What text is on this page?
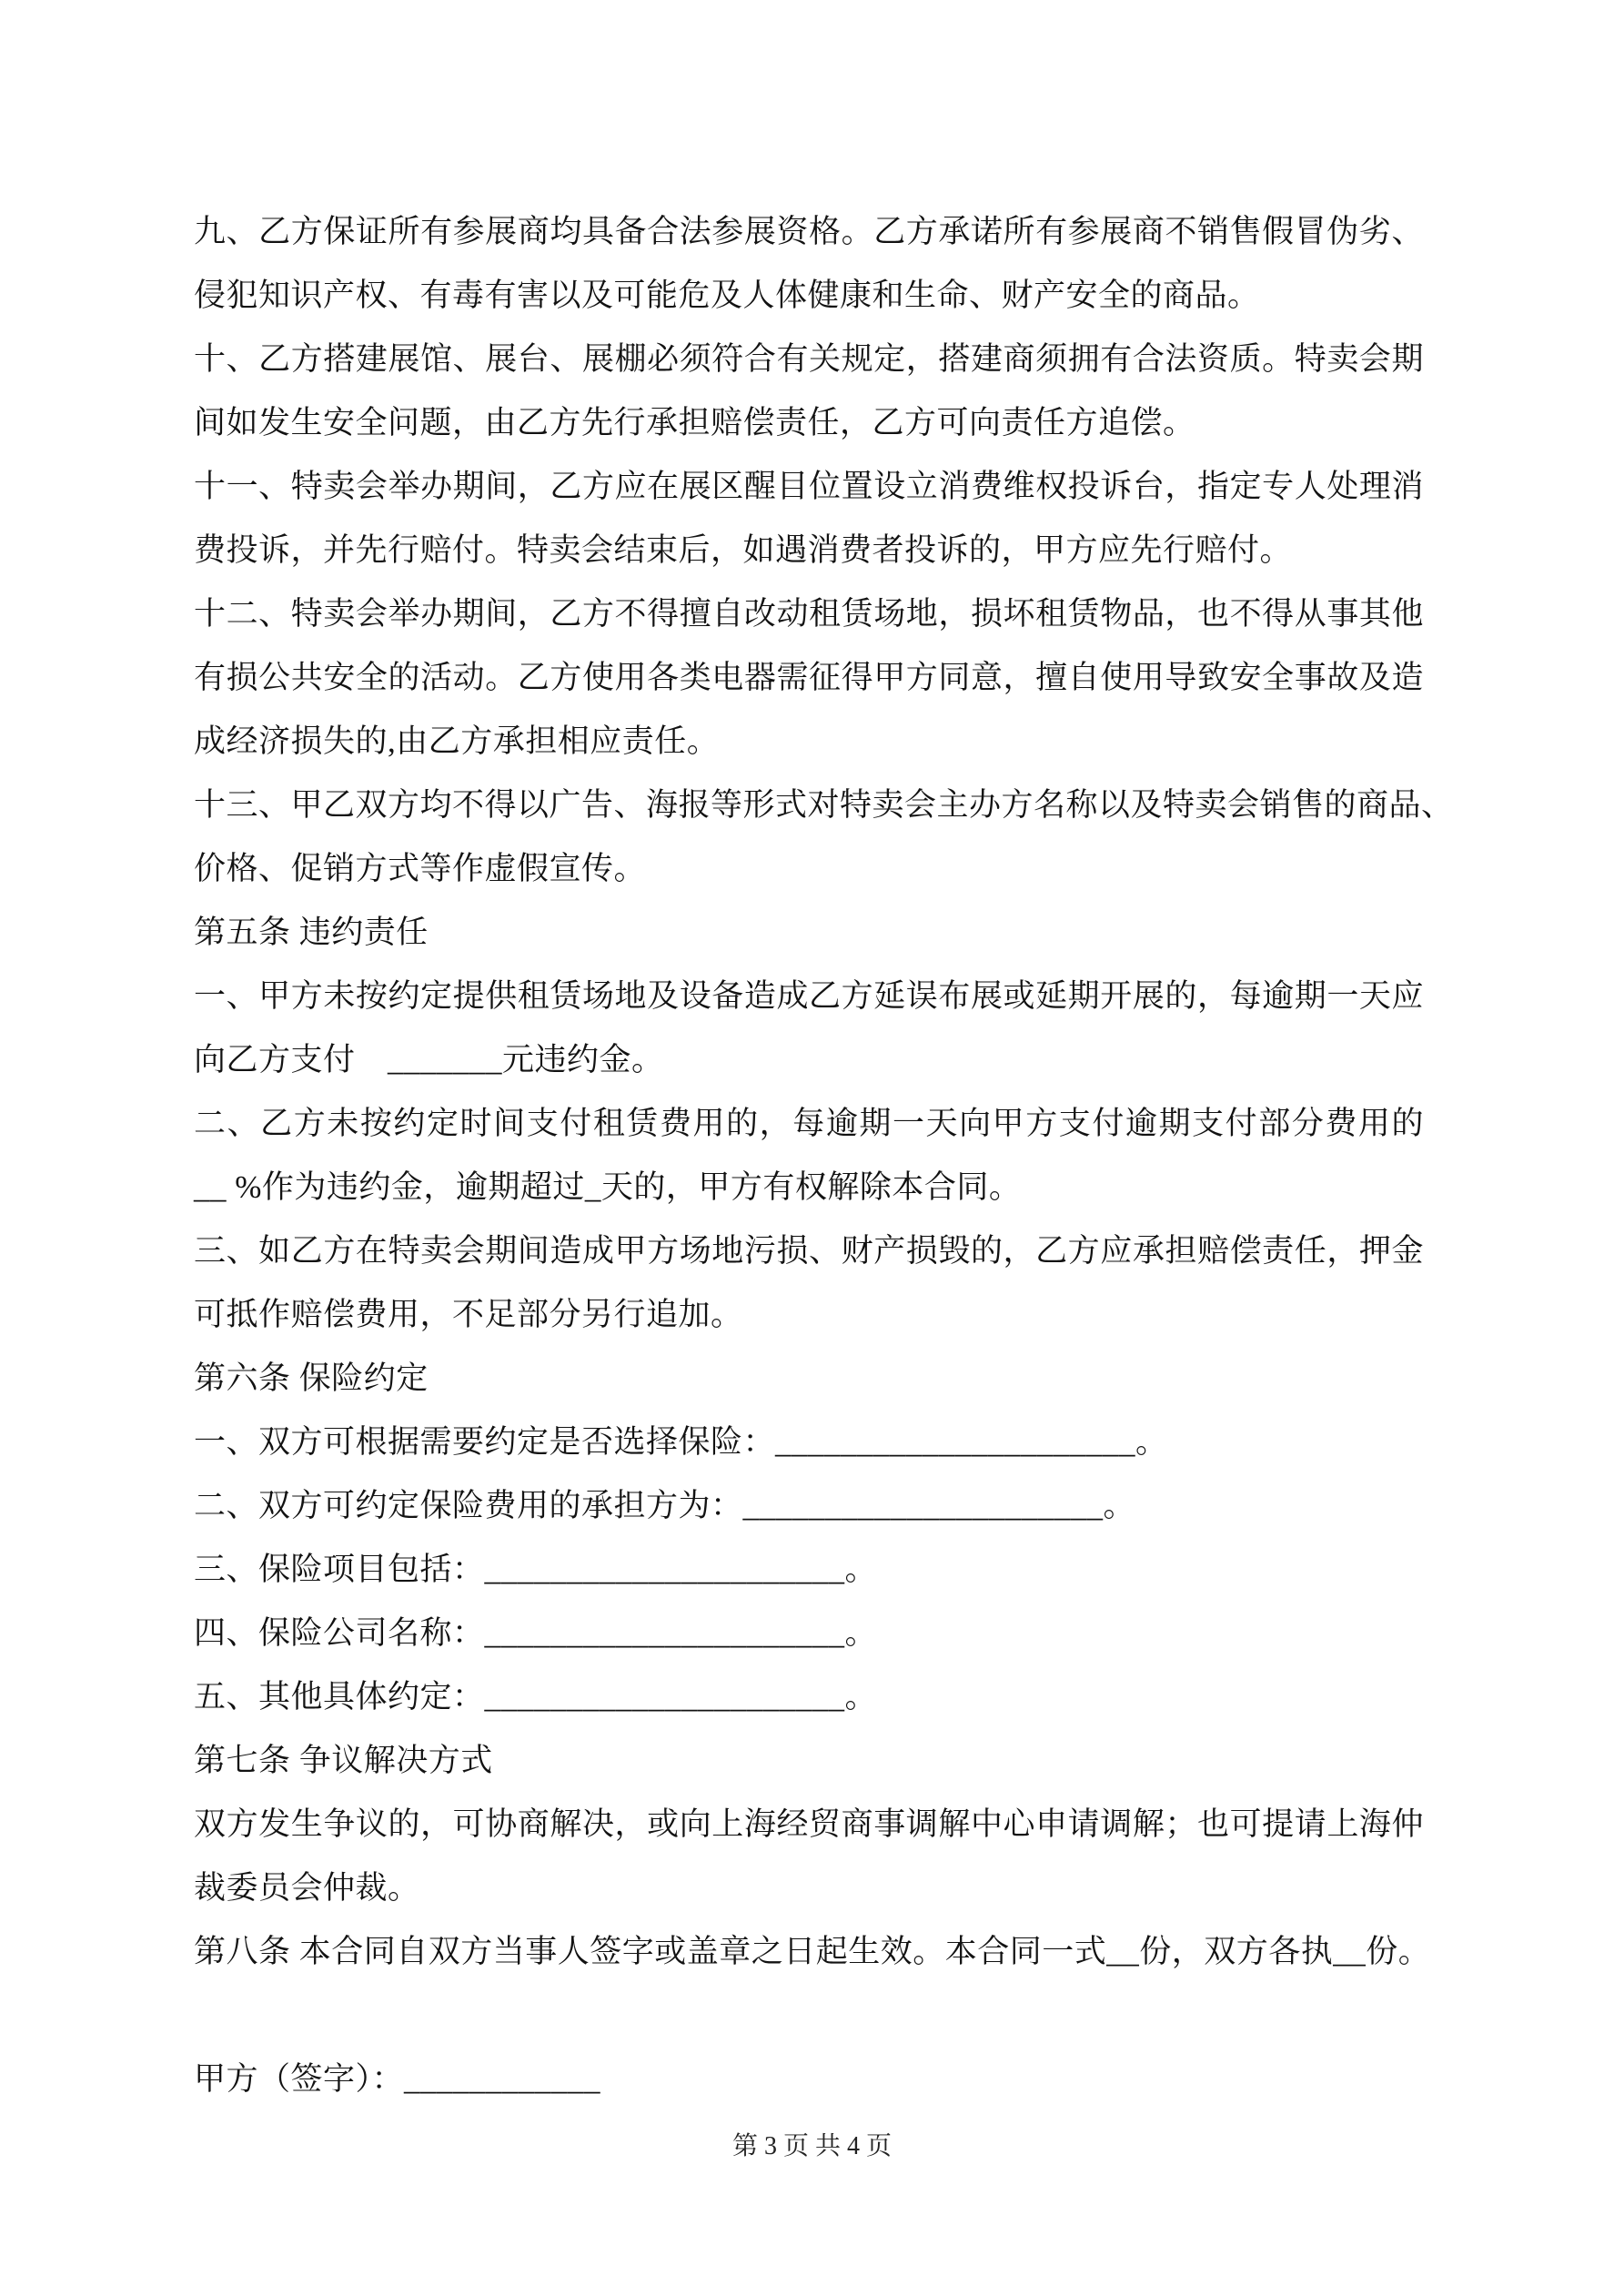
九、乙方保证所有参展商均具备合法参展资格。乙方承诺所有参展商不销售假冒伪劣、
侵犯知识产权、有毒有害以及可能危及人体健康和生命、财产安全的商品。
十、乙方搭建展馆、展台、展棚必须符合有关规定，搭建商须拥有合法资质。特卖会期
间如发生安全问题，由乙方先行承担赔偿责任，乙方可向责任方追偿。
十一、特卖会举办期间，乙方应在展区醒目位置设立消费维权投诉台，指定专人处理消
费投诉，并先行赔付。特卖会结束后，如遇消费者投诉的，甲方应先行赔付。
十二、特卖会举办期间，乙方不得擅自改动租赁场地，损坏租赁物品，也不得从事其他
有损公共安全的活动。乙方使用各类电器需征得甲方同意，擅自使用导致安全事故及造
成经济损失的,由乙方承担相应责任。
十三、甲乙双方均不得以广告、海报等形式对特卖会主办方名称以及特卖会销售的商品、
价格、促销方式等作虚假宣传。
第五条 违约责任
一、甲方未按约定提供租赁场地及设备造成乙方延误布展或延期开展的，每逾期一天应
向乙方支付　_______元违约金。
二、乙方未按约定时间支付租赁费用的，每逾期一天向甲方支付逾期支付部分费用的
__ %作为违约金，逾期超过_天的，甲方有权解除本合同。
三、如乙方在特卖会期间造成甲方场地污损、财产损毁的，乙方应承担赔偿责任，押金
可抵作赔偿费用，不足部分另行追加。
第六条 保险约定
一、双方可根据需要约定是否选择保险：______________________。
二、双方可约定保险费用的承担方为：______________________。
三、保险项目包括：______________________。
四、保险公司名称：______________________。
五、其他具体约定：______________________。
第七条 争议解决方式
双方发生争议的，可协商解决，或向上海经贸商事调解中心申请调解；也可提请上海仲
裁委员会仲裁。
第八条 本合同自双方当事人签字或盖章之日起生效。本合同一式__份，双方各执__份。
甲方（签字）：____________
第 3 页 共 4 页
